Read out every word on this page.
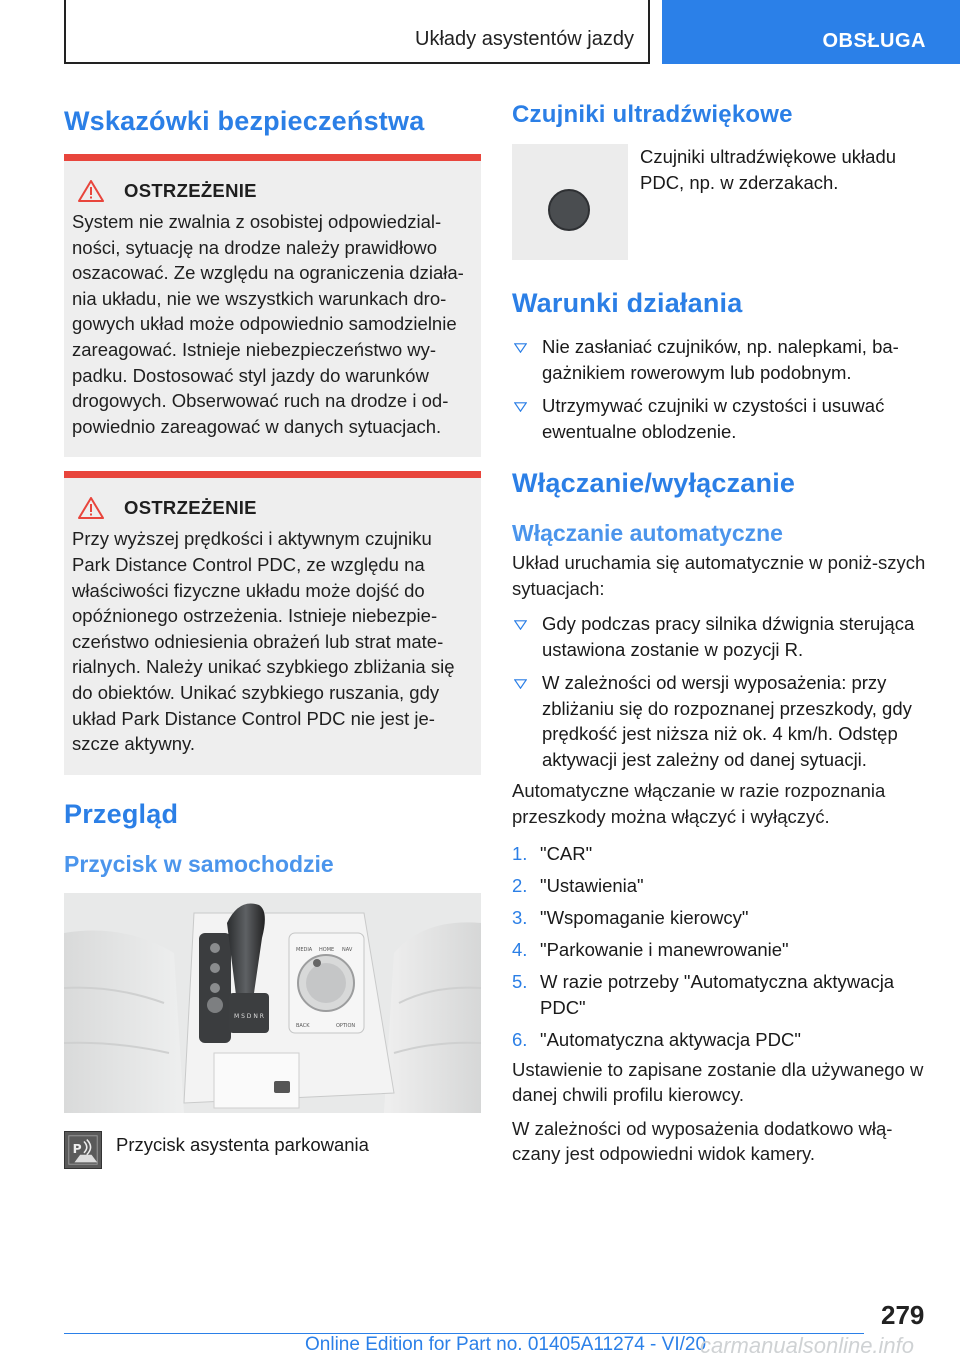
Układy asystentów jazdy	OBSŁUGA
Wskazówki bezpieczeństwa
OSTRZEŻENIE

System nie zwalnia z osobistej odpowiedzial-ności, sytuację na drodze należy prawidłowo oszacować. Ze względu na ograniczenia działa-nia układu, nie we wszystkich warunkach dro-gowych układ może odpowiednio samodzielnie zareagować. Istnieje niebezpieczeństwo wy-padku. Dostosować styl jazdy do warunków drogowych. Obserwować ruch na drodze i od-powiednio zareagować w danych sytuacjach.

OSTRZEŻENIE

Przy wyższej prędkości i aktywnym czujniku Park Distance Control PDC, ze względu na właściwości fizyczne układu może dojść do opóźnionego ostrzeżenia. Istnieje niebezpie-czeństwo odniesienia obrażeń lub strat mate-rialnych. Należy unikać szybkiego zbliżania się do obiektów. Unikać szybkiego ruszania, gdy układ Park Distance Control PDC nie jest je-szcze aktywny.

Przegląd
Przycisk w samochodzie
M S D N R
MEDIA HOME NAV
BACK	OPTION
P Przycisk asystenta parkowania
Czujniki ultradźwiękowe

Czujniki ultradźwiękowe układu PDC, np. w zderzakach.

Warunki działania
Nie zasłaniać czujników, np. nalepkami, ba-gażnikiem rowerowym lub podobnym.
Utrzymywać czujniki w czystości i usuwać ewentualne oblodzenie.
Włączanie/wyłączanie
Włączanie automatyczne

Układ uruchamia się automatycznie w poniż-szych sytuacjach:

Gdy podczas pracy silnika dźwignia sterująca ustawiona zostanie w pozycji R.
W zależności od wersji wyposażenia: przy zbliżaniu się do rozpoznanej przeszkody, gdy prędkość jest niższa niż ok. 4 km/h. Odstęp aktywacji jest zależny od danej sytuacji.

Automatyczne włączanie w razie rozpoznania przeszkody można włączyć i wyłączyć.

1. "CAR"
2. "Ustawienia"
3. "Wspomaganie kierowcy"
4. "Parkowanie i manewrowanie"
5. W razie potrzeby "Automatyczna aktywacja PDC"
6. "Automatyczna aktywacja PDC"

Ustawienie to zapisane zostanie dla używanego w danej chwili profilu kierowcy.

W zależności od wyposażenia dodatkowo włą-czany jest odpowiedni widok kamery.

279
Online Edition for Part no. 01405A11274 - VI/20
carmanualsonline.info
